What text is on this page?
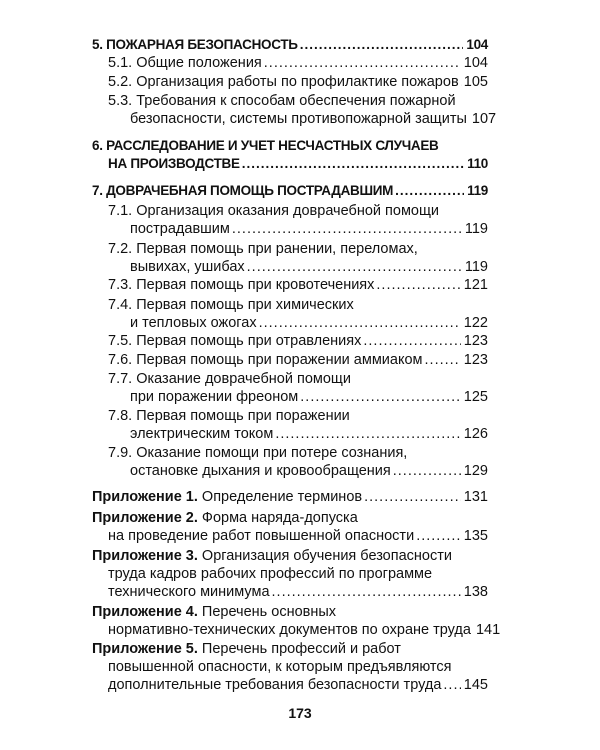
5. ПОЖАРНАЯ БЕЗОПАСНОСТЬ .....	104
5.1. Общие положения .....	104
5.2. Организация работы по профилактике пожаров ..... 105
5.3. Требования к способам обеспечения пожарной
безопасности, системы противопожарной защиты 107
6. РАССЛЕДОВАНИЕ И УЧЕТ НЕСЧАСТНЫХ СЛУЧАЕВ
НА ПРОИЗВОДСТВЕ .....	110
7. ДОВРАЧЕБНАЯ ПОМОЩЬ ПОСТРАДАВШИМ .....	119
7.1. Организация оказания доврачебной помощи
пострадавшим .....	119
7.2. Первая помощь при ранении, переломах,
вывихах, ушибах .....	119
7.3. Первая помощь при кровотечениях .....	121
7.4. Первая помощь при химических
и тепловых ожогах .....	122
7.5. Первая помощь при отравлениях .....	123
7.6. Первая помощь при поражении аммиаком .....	123
7.7. Оказание доврачебной помощи
при поражении фреоном .....	125
7.8. Первая помощь при поражении
электрическим током .....	126
7.9. Оказание помощи при потере сознания,
остановке дыхания и кровообращения .....	129
Приложение 1.
Определение терминов .....	131
Приложение 2.
Форма наряда-допуска
на проведение работ повышенной опасности .....	135
Приложение 3.
Организация обучения безопасности
труда кадров рабочих профессий по программе
технического минимума .....	138
Приложение 4.
Перечень основных
нормативно-технических документов по охране труда 141
Приложение 5.
Перечень профессий и работ
повышенной опасности, к которым предъявляются
дополнительные требования безопасности труда ..... 145
173
